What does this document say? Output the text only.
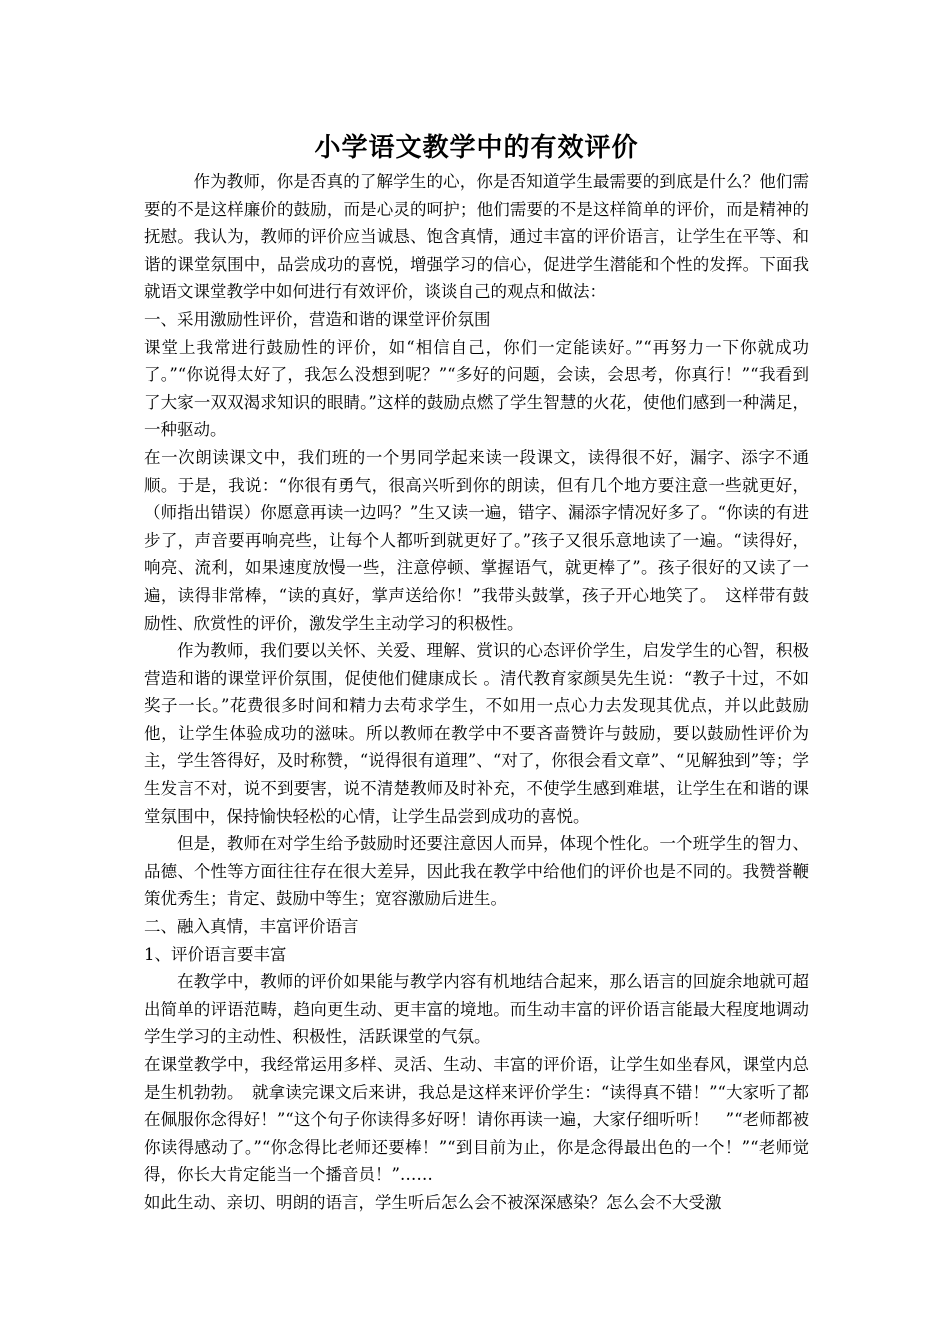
小学语文教学中的有效评价

作为教师，你是否真的了解学生的心，你是否知道学生最需要的到底是什么？他们需要的不是这样廉价的鼓励，而是心灵的呵护；他们需要的不是这样简单的评价，而是精神的抚慰。我认为，教师的评价应当诚恳、饱含真情，通过丰富的评价语言，让学生在平等、和谐的课堂氛围中，品尝成功的喜悦，增强学习的信心，促进学生潜能和个性的发挥。下面我就语文课堂教学中如何进行有效评价，谈谈自己的观点和做法：

一、采用激励性评价，营造和谐的课堂评价氛围

课堂上我常进行鼓励性的评价，如“相信自己，你们一定能读好。”“再努力一下你就成功了。”“你说得太好了，我怎么没想到呢？”“多好的问题，会读，会思考，你真行！”“我看到了大家一双双渴求知识的眼睛。”这样的鼓励点燃了学生智慧的火花，使他们感到一种满足，一种驱动。

在一次朗读课文中，我们班的一个男同学起来读一段课文，读得很不好，漏字、添字不通顺。于是，我说：“你很有勇气，很高兴听到你的朗读，但有几个地方要注意一些就更好，（师指出错误）你愿意再读一边吗？”生又读一遍，错字、漏添字情况好多了。“你读的有进步了，声音要再响亮些，让每个人都听到就更好了。”孩子又很乐意地读了一遍。“读得好，响亮、流利，如果速度放慢一些，注意停顿、掌握语气，就更棒了”。孩子很好的又读了一遍，读得非常棒，“读的真好，掌声送给你！”我带头鼓掌，孩子开心地笑了。　这样带有鼓励性、欣赏性的评价，激发学生主动学习的积极性。

作为教师，我们要以关怀、关爱、理解、赏识的心态评价学生，启发学生的心智，积极营造和谐的课堂评价氛围，促使他们健康成长 。清代教育家颜昊先生说：“教子十过，不如奖子一长。”花费很多时间和精力去苟求学生，不如用一点心力去发现其优点，并以此鼓励他，让学生体验成功的滋味。所以教师在教学中不要吝啬赞许与鼓励，要以鼓励性评价为主，学生答得好，及时称赞，“说得很有道理”、“对了，你很会看文章”、“见解独到”等；学生发言不对，说不到要害，说不清楚教师及时补充，不使学生感到难堪，让学生在和谐的课堂氛围中，保持愉快轻松的心情，让学生品尝到成功的喜悦。

但是，教师在对学生给予鼓励时还要注意因人而异，体现个性化。一个班学生的智力、品德、个性等方面往往存在很大差异，因此我在教学中给他们的评价也是不同的。我赞誉鞭策优秀生；肯定、鼓励中等生；宽容激励后进生。

二、融入真情，丰富评价语言

1、评价语言要丰富

在教学中，教师的评价如果能与教学内容有机地结合起来，那么语言的回旋余地就可超出简单的评语范畴，趋向更生动、更丰富的境地。而生动丰富的评价语言能最大程度地调动学生学习的主动性、积极性，活跃课堂的气氛。

在课堂教学中，我经常运用多样、灵活、生动、丰富的评价语，让学生如坐春风，课堂内总是生机勃勃。　就拿读完课文后来讲，我总是这样来评价学生：“读得真不错！”“大家听了都在佩服你念得好！”“这个句子你读得多好呀！请你再读一遍，大家仔细听听！　”“老师都被你读得感动了。”“你念得比老师还要棒！”“到目前为止，你是念得最出色的一个！”“老师觉得，你长大肯定能当一个播音员！”……

如此生动、亲切、明朗的语言，学生听后怎么会不被深深感染？怎么会不大受激
